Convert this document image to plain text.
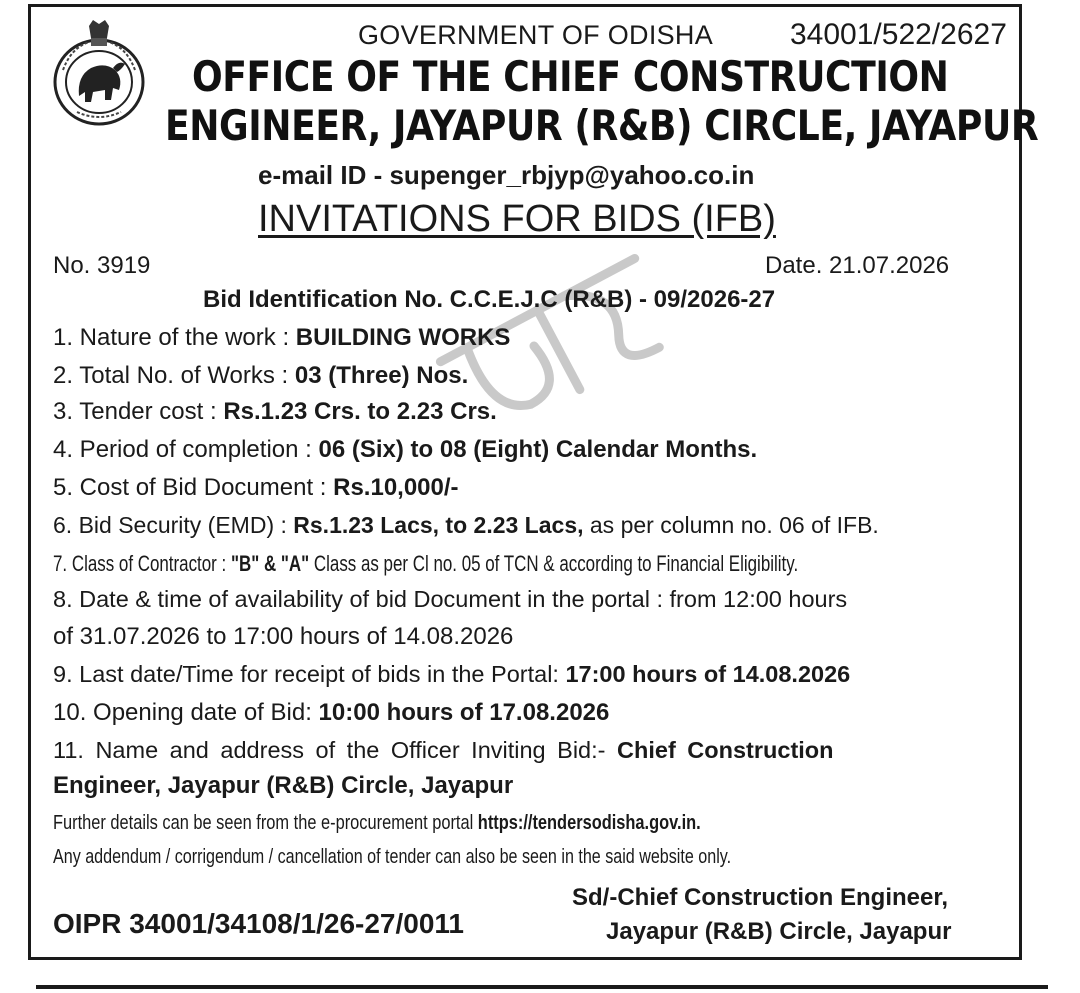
GOVERNMENT OF ODISHA	34001/522/2627
OFFICE OF THE CHIEF CONSTRUCTION
ENGINEER, JAYAPUR (R&B) CIRCLE, JAYAPUR
e-mail ID - supenger_rbjyp@yahoo.co.in
INVITATIONS FOR BIDS (IFB)
No. 3919	Date. 21.07.2026
Bid Identification No. C.C.E.J.C (R&B) - 09/2026-27
1. Nature of the work : BUILDING WORKS
2. Total No. of Works : 03 (Three) Nos.
3. Tender cost : Rs.1.23 Crs. to 2.23 Crs.
4. Period of completion : 06 (Six) to 08 (Eight) Calendar Months.
5. Cost of Bid Document : Rs.10,000/-
6. Bid Security (EMD) : Rs.1.23 Lacs, to 2.23 Lacs, as per column no. 06 of IFB.
7. Class of Contractor : "B" & "A" Class as per Cl no. 05 of TCN & according to Financial Eligibility.
8. Date & time of availability of bid Document in the portal : from 12:00 hours
of 31.07.2026 to 17:00 hours of 14.08.2026
9. Last date/Time for receipt of bids in the Portal: 17:00 hours of 14.08.2026
10. Opening date of Bid: 10:00 hours of 17.08.2026
11. Name and address of the Officer Inviting Bid:- Chief Construction
Engineer, Jayapur (R&B) Circle, Jayapur
Further details can be seen from the e-procurement portal https://tendersodisha.gov.in.
Any addendum / corrigendum / cancellation of tender can also be seen in the said website only.
Sd/-Chief Construction Engineer,
Jayapur (R&B) Circle, Jayapur
OIPR 34001/34108/1/26-27/0011
